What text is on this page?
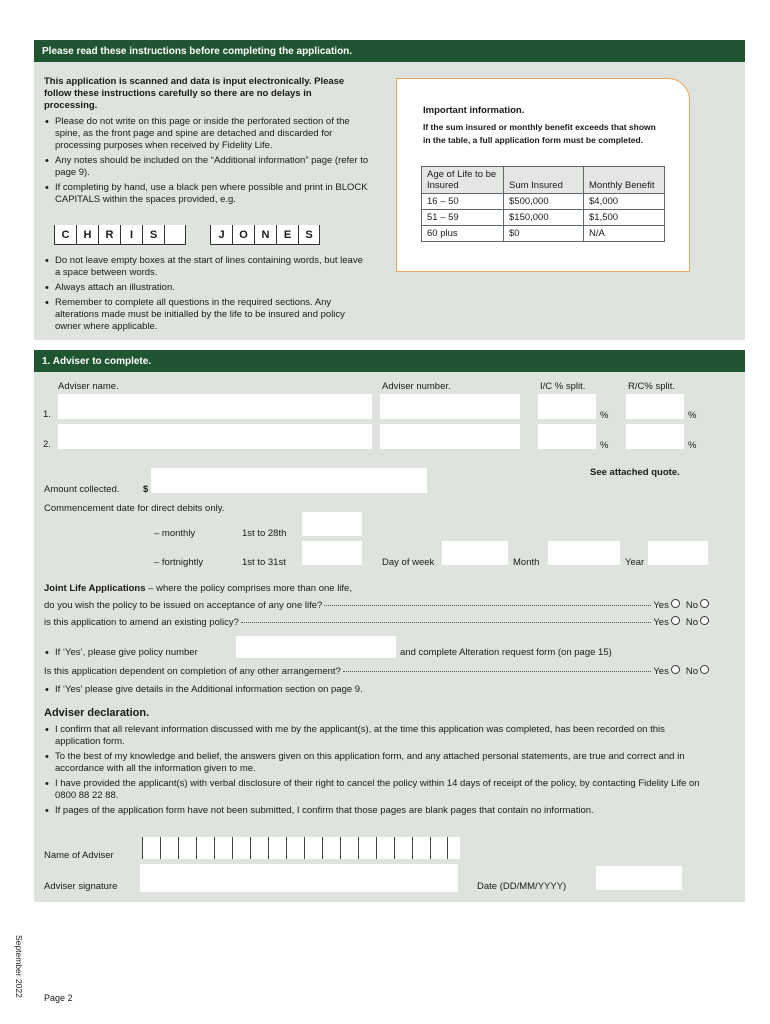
Please read these instructions before completing the application.
This application is scanned and data is input electronically. Please follow these instructions carefully so there are no delays in processing.
• Please do not write on this page or inside the perforated section of the spine, as the front page and spine are detached and discarded for processing purposes when received by Fidelity Life.
• Any notes should be included on the “Additional information” page (refer to page 9).
• If completing by hand, use a black pen where possible and print in BLOCK CAPITALS within the spaces provided, e.g.
C	H	R	I	S	J	O	N	E	S
• Do not leave empty boxes at the start of lines containing words, but leave a space between words.
• Always attach an illustration.
• Remember to complete all questions in the required sections. Any alterations made must be initialled by the life to be insured and policy owner where applicable.
Important information.
If the sum insured or monthly benefit exceeds that shown in the table, a full application form must be completed.
Age of Life to be Insured	Sum Insured	Monthly Benefit
16 – 50	$500,000	$4,000
51 – 59	$150,000	$1,500
60 plus	$0	N/A
1. Adviser to complete.
Adviser name.	Adviser number.	I/C % split.	R/C% split.
1.	%	%
2.	%	%
See attached quote.
Amount collected. $
Commencement date for direct debits only.
– monthly	1st to 28th
– fortnightly	1st to 31st	Day of week	Month	Year
Joint Life Applications – where the policy comprises more than one life,
do you wish the policy to be issued on acceptance of any one life?	Yes No
is this application to amend an existing policy?	Yes No
• If ‘Yes’, please give policy number	and complete Alteration request form (on page 15)
Is this application dependent on completion of any other arrangement?	Yes No
• If ‘Yes’ please give details in the Additional information section on page 9.
Adviser declaration.
• I confirm that all relevant information discussed with me by the applicant(s), at the time this application was completed, has been recorded on this application form.
• To the best of my knowledge and belief, the answers given on this application form, and any attached personal statements, are true and correct and in accordance with all the information given to me.
• I have provided the applicant(s) with verbal disclosure of their right to cancel the policy within 14 days of receipt of the policy, by contacting Fidelity Life on 0800 88 22 88.
• If pages of the application form have not been submitted, I confirm that those pages are blank pages that contain no information.
Name of Adviser
Adviser signature	Date (DD/MM/YYYY)
September 2022
Page 2
